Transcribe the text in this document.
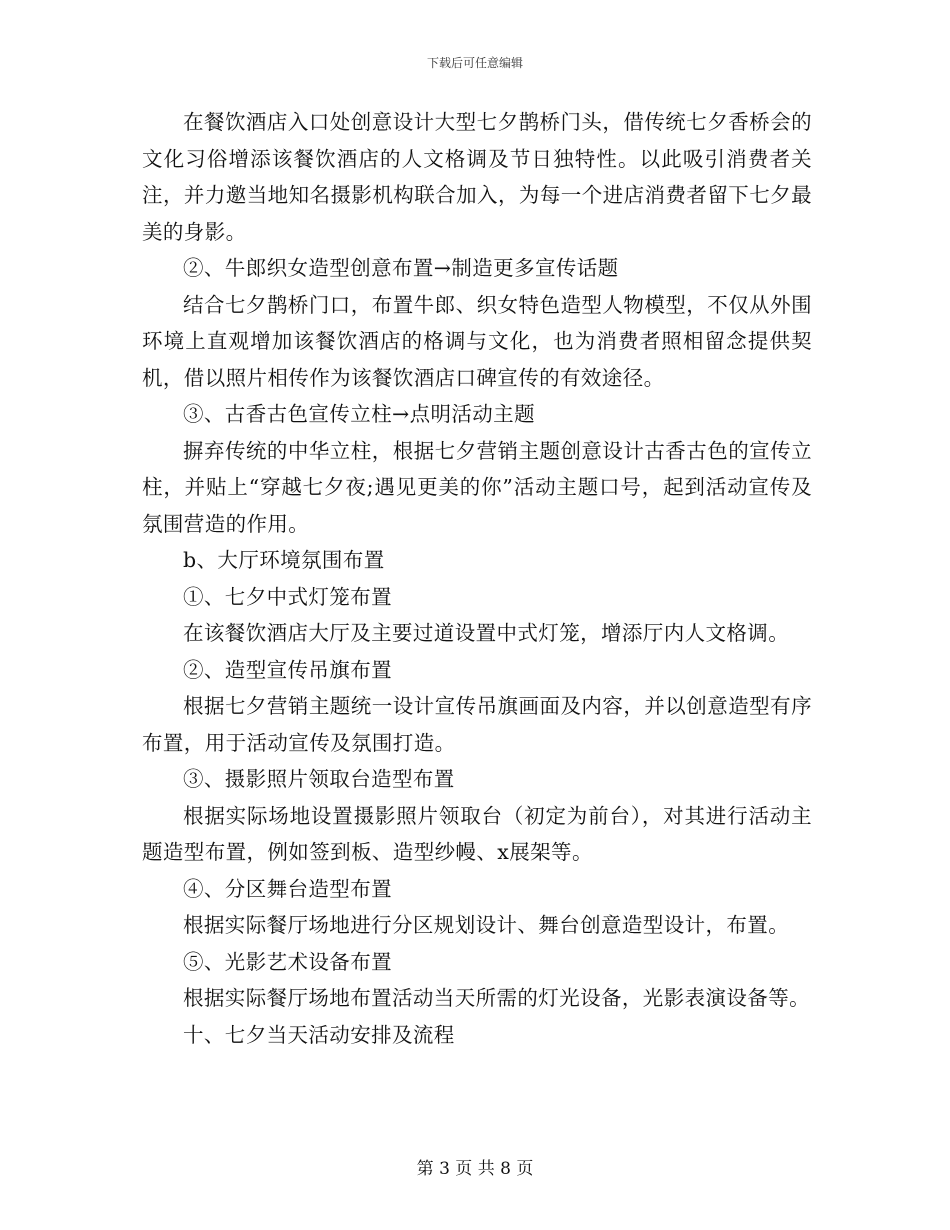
下载后可任意编辑

在餐饮酒店入口处创意设计大型七夕鹊桥门头，借传统七夕香桥会的文化习俗增添该餐饮酒店的人文格调及节日独特性。以此吸引消费者关注，并力邀当地知名摄影机构联合加入，为每一个进店消费者留下七夕最美的身影。

②、牛郎织女造型创意布置→制造更多宣传话题

结合七夕鹊桥门口，布置牛郎、织女特色造型人物模型，不仅从外围环境上直观增加该餐饮酒店的格调与文化，也为消费者照相留念提供契机，借以照片相传作为该餐饮酒店口碑宣传的有效途径。

③、古香古色宣传立柱→点明活动主题

摒弃传统的中华立柱，根据七夕营销主题创意设计古香古色的宣传立柱，并贴上“穿越七夕夜;遇见更美的你”活动主题口号，起到活动宣传及氛围营造的作用。

b、大厅环境氛围布置

①、七夕中式灯笼布置

在该餐饮酒店大厅及主要过道设置中式灯笼，增添厅内人文格调。

②、造型宣传吊旗布置

根据七夕营销主题统一设计宣传吊旗画面及内容，并以创意造型有序布置，用于活动宣传及氛围打造。

③、摄影照片领取台造型布置

根据实际场地设置摄影照片领取台（初定为前台），对其进行活动主题造型布置，例如签到板、造型纱幔、x展架等。

④、分区舞台造型布置

根据实际餐厅场地进行分区规划设计、舞台创意造型设计，布置。

⑤、光影艺术设备布置

根据实际餐厅场地布置活动当天所需的灯光设备，光影表演设备等。

十、七夕当天活动安排及流程

第 3 页 共 8 页
